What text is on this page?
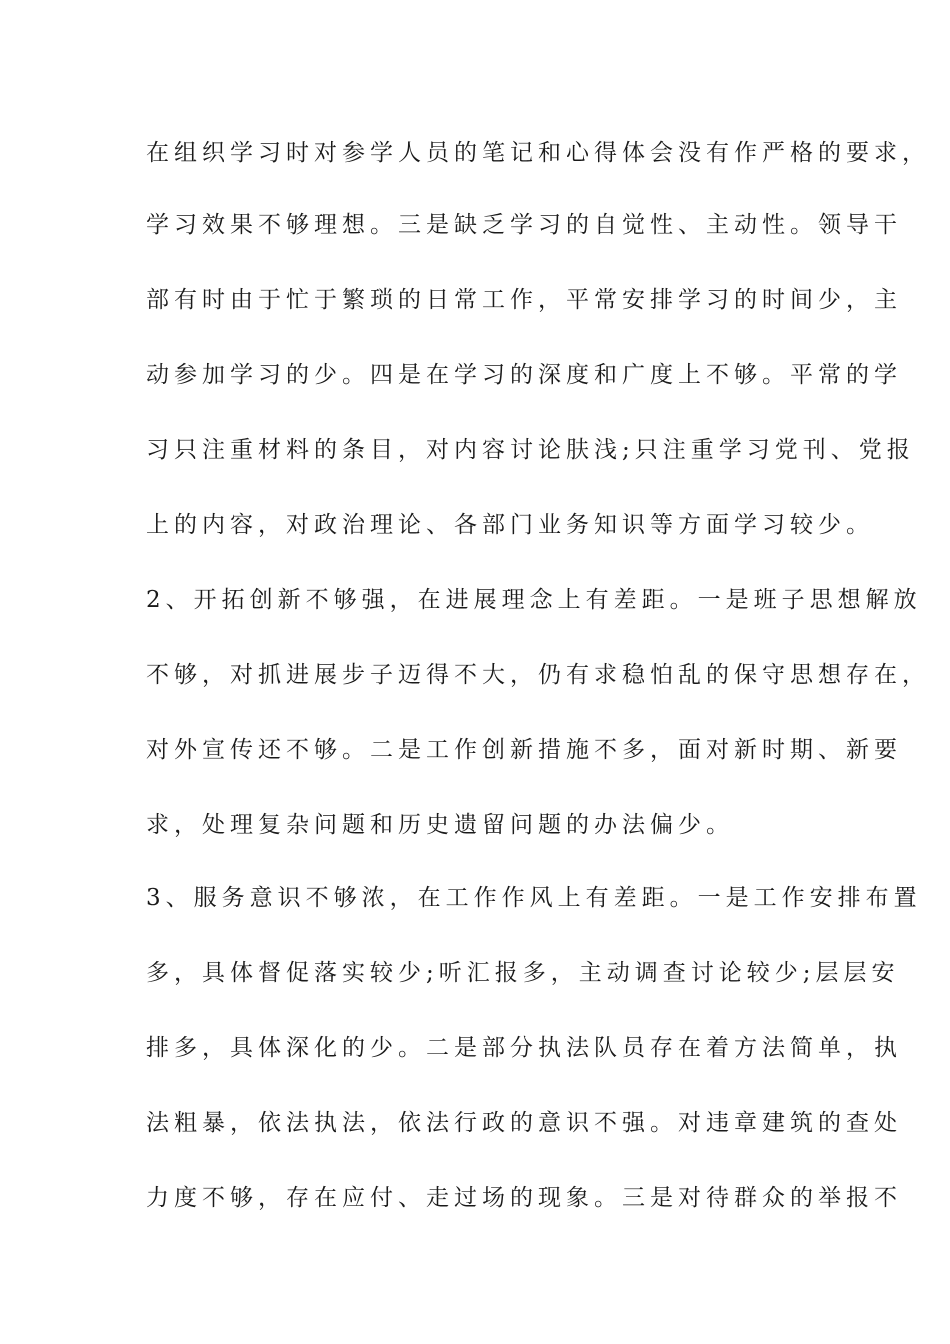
在组织学习时对参学人员的笔记和心得体会没有作严格的要求，
学习效果不够理想。三是缺乏学习的自觉性、主动性。领导干
部有时由于忙于繁琐的日常工作，平常安排学习的时间少，主
动参加学习的少。四是在学习的深度和广度上不够。平常的学
习只注重材料的条目，对内容讨论肤浅;只注重学习党刊、党报
上的内容，对政治理论、各部门业务知识等方面学习较少。
2、开拓创新不够强，在进展理念上有差距。一是班子思想解放
不够，对抓进展步子迈得不大，仍有求稳怕乱的保守思想存在，
对外宣传还不够。二是工作创新措施不多，面对新时期、新要
求，处理复杂问题和历史遗留问题的办法偏少。
3、服务意识不够浓，在工作作风上有差距。一是工作安排布置
多，具体督促落实较少;听汇报多，主动调查讨论较少;层层安
排多，具体深化的少。二是部分执法队员存在着方法简单，执
法粗暴，依法执法，依法行政的意识不强。对违章建筑的查处
力度不够，存在应付、走过场的现象。三是对待群众的举报不
